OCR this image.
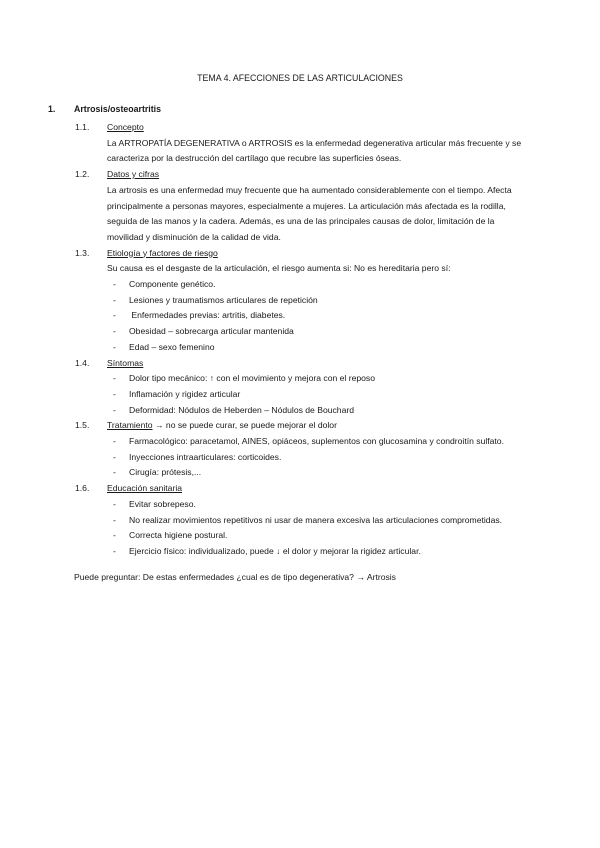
TEMA 4. AFECCIONES DE LAS ARTICULACIONES
1. Artrosis/osteoartritis
1.1. Concepto
La ARTROPATÍA DEGENERATIVA o ARTROSIS es la enfermedad degenerativa articular más frecuente y se caracteriza por la destrucción del cartílago que recubre las superficies óseas.
1.2. Datos y cifras
La artrosis es una enfermedad muy frecuente que ha aumentado considerablemente con el tiempo. Afecta principalmente a personas mayores, especialmente a mujeres. La articulación más afectada es la rodilla, seguida de las manos y la cadera. Además, es una de las principales causas de dolor, limitación de la movilidad y disminución de la calidad de vida.
1.3. Etiología y factores de riesgo
Su causa es el desgaste de la articulación, el riesgo aumenta si: No es hereditaria pero sí:
- Componente genético.
- Lesiones y traumatismos articulares de repetición
- Enfermedades previas: artritis, diabetes.
- Obesidad – sobrecarga articular mantenida
- Edad – sexo femenino
1.4. Síntomas
- Dolor tipo mecánico: ↑ con el movimiento y mejora con el reposo
- Inflamación y rigidez articular
- Deformidad: Nódulos de Heberden – Nódulos de Bouchard
1.5. Tratamiento → no se puede curar, se puede mejorar el dolor
- Farmacológico: paracetamol, AINES, opiáceos, suplementos con glucosamina y condroitín sulfato.
- Inyecciones intraarticulares: corticoides.
- Cirugía: prótesis,...
1.6. Educación sanitaria
- Evitar sobrepeso.
- No realizar movimientos repetitivos ni usar de manera excesiva las articulaciones comprometidas.
- Correcta higiene postural.
- Ejercicio físico: individualizado, puede ↓ el dolor y mejorar la rigidez articular.
Puede preguntar: De estas enfermedades ¿cual es de tipo degenerativa? → Artrosis
